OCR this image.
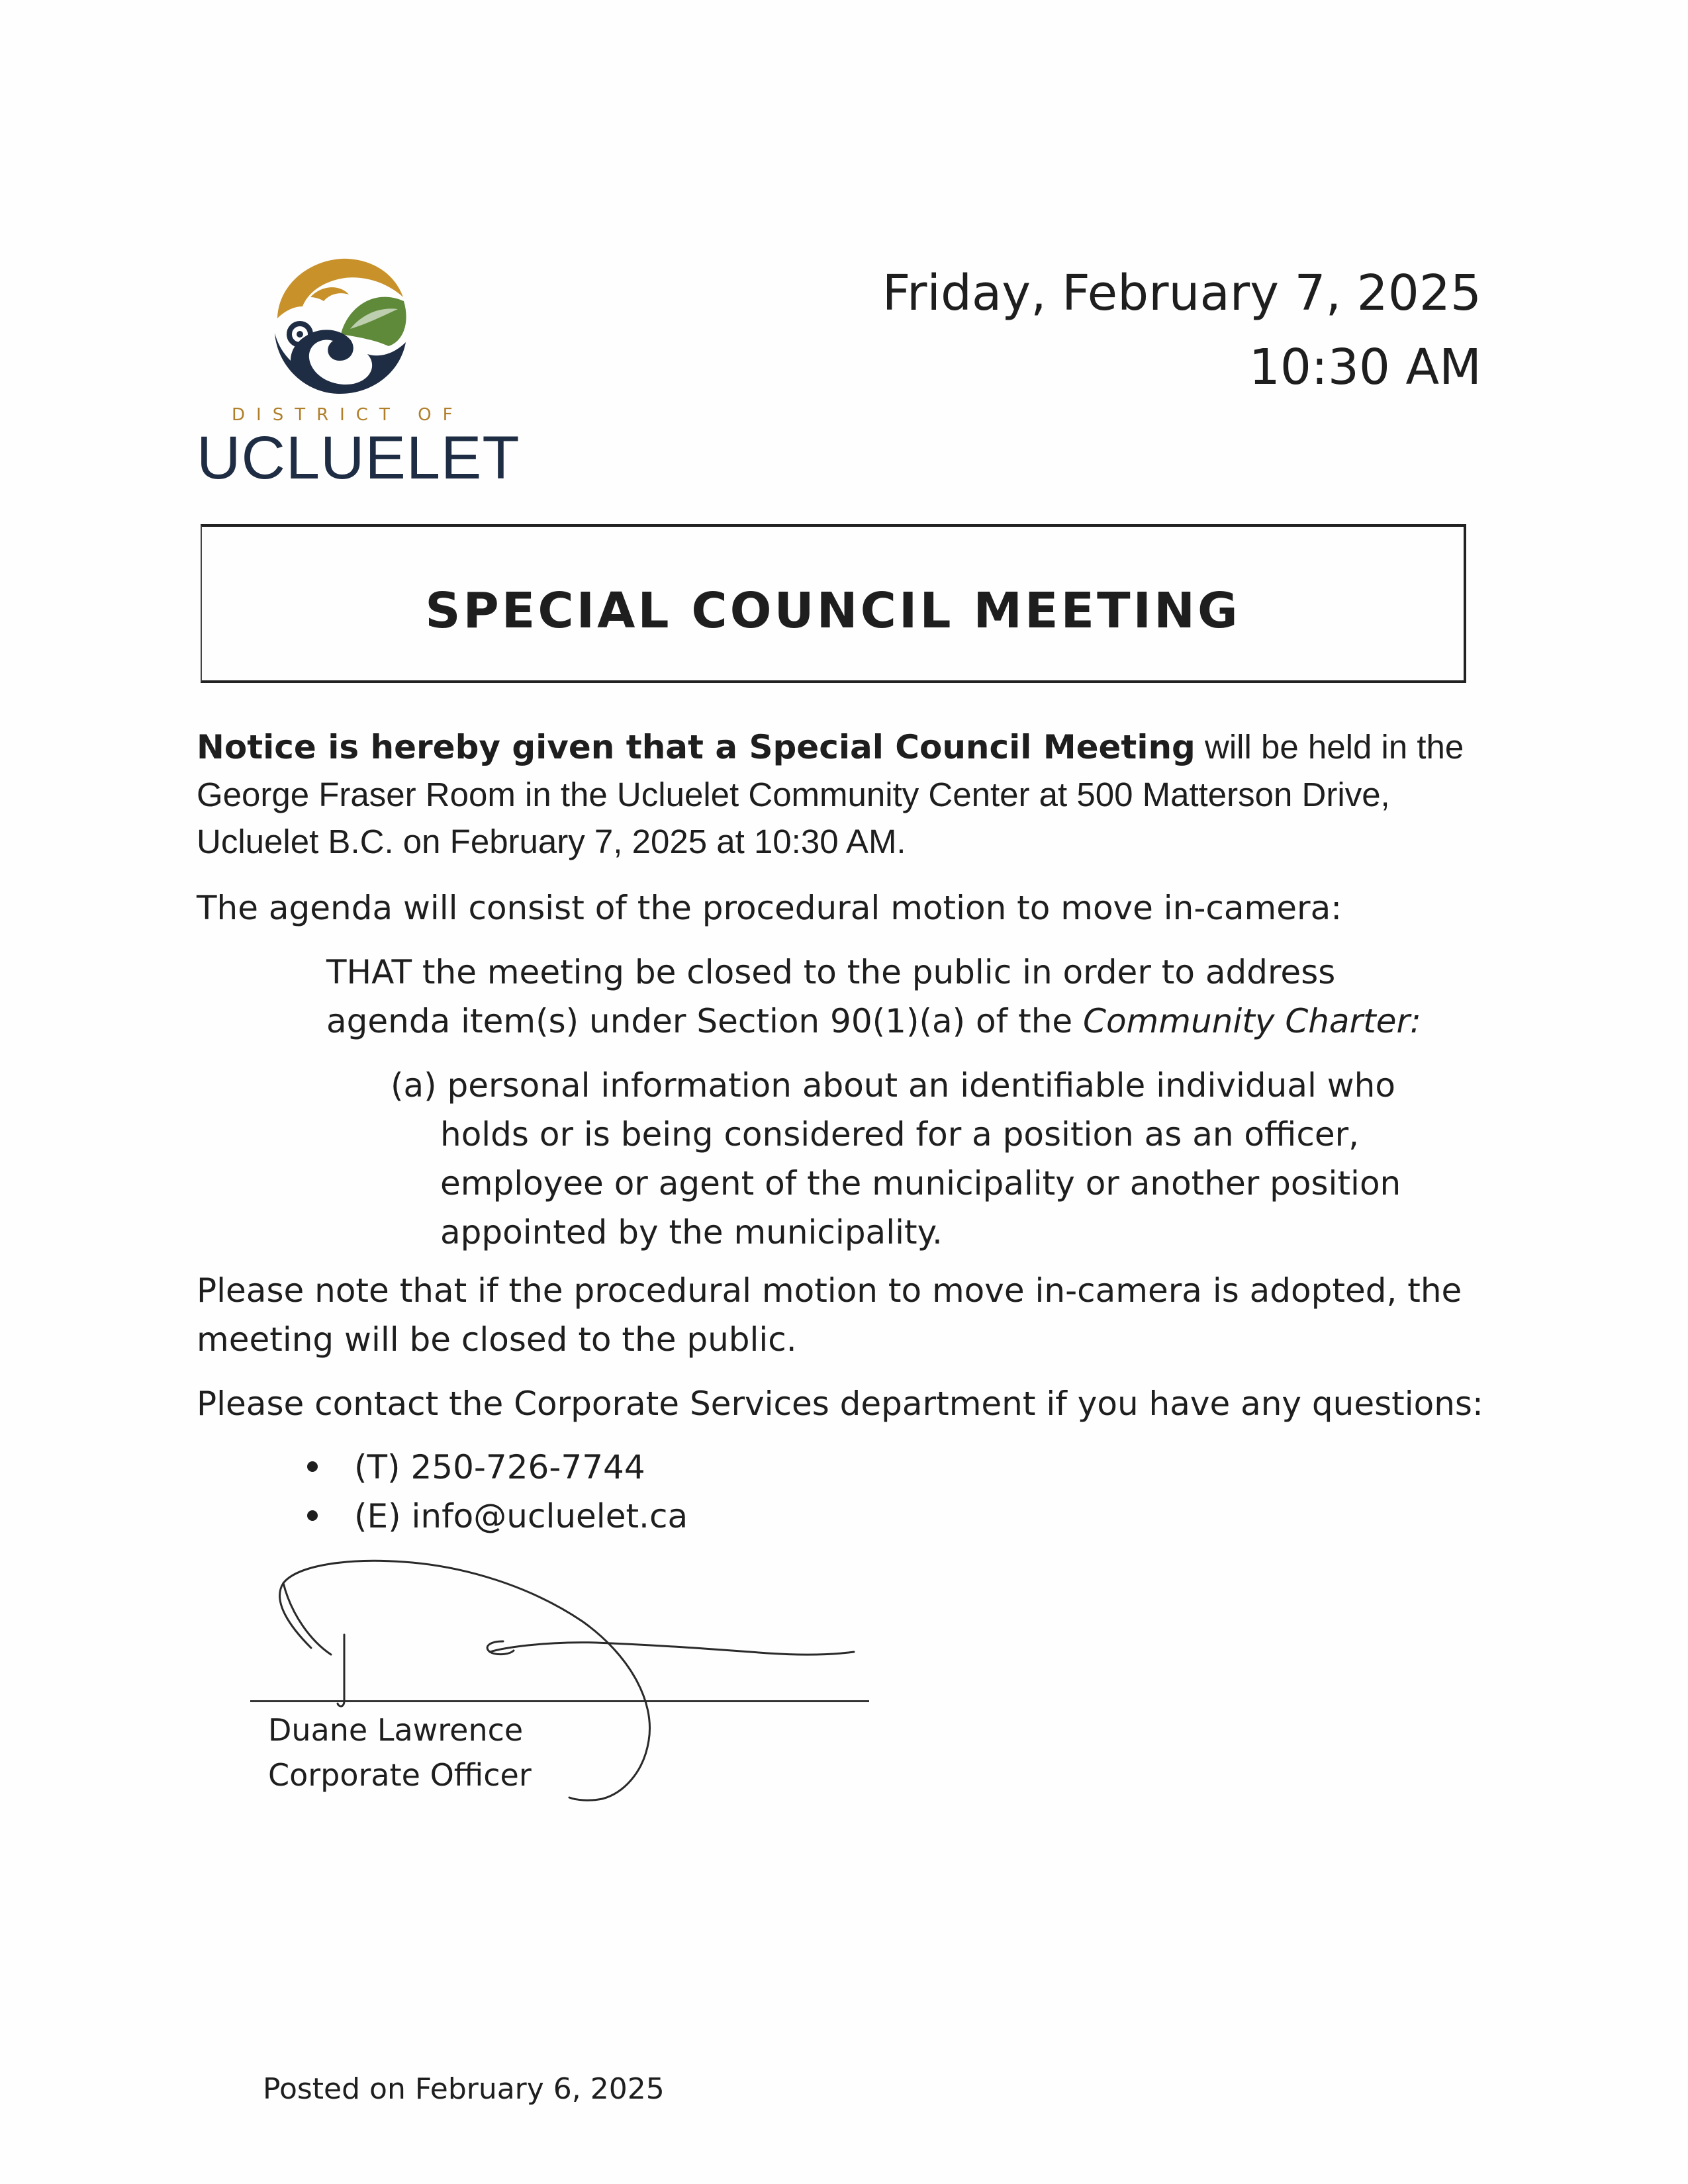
DISTRICT OF
UCLUELET
Friday, February 7, 2025
10:30 AM
SPECIAL COUNCIL MEETING
Notice is hereby given that a Special Council Meeting will be held in the George Fraser Room in the Ucluelet Community Center at 500 Matterson Drive, Ucluelet B.C. on February 7, 2025 at 10:30 AM.
The agenda will consist of the procedural motion to move in-camera:
THAT the meeting be closed to the public in order to address agenda item(s) under Section 90(1)(a) of the Community Charter:
(a) personal information about an identifiable individual who holds or is being considered for a position as an officer, employee or agent of the municipality or another position appointed by the municipality.
Please note that if the procedural motion to move in-camera is adopted, the meeting will be closed to the public.
Please contact the Corporate Services department if you have any questions:
(T) 250-726-7744
(E) info@ucluelet.ca
Duane Lawrence
Corporate Officer
Posted on February 6, 2025
